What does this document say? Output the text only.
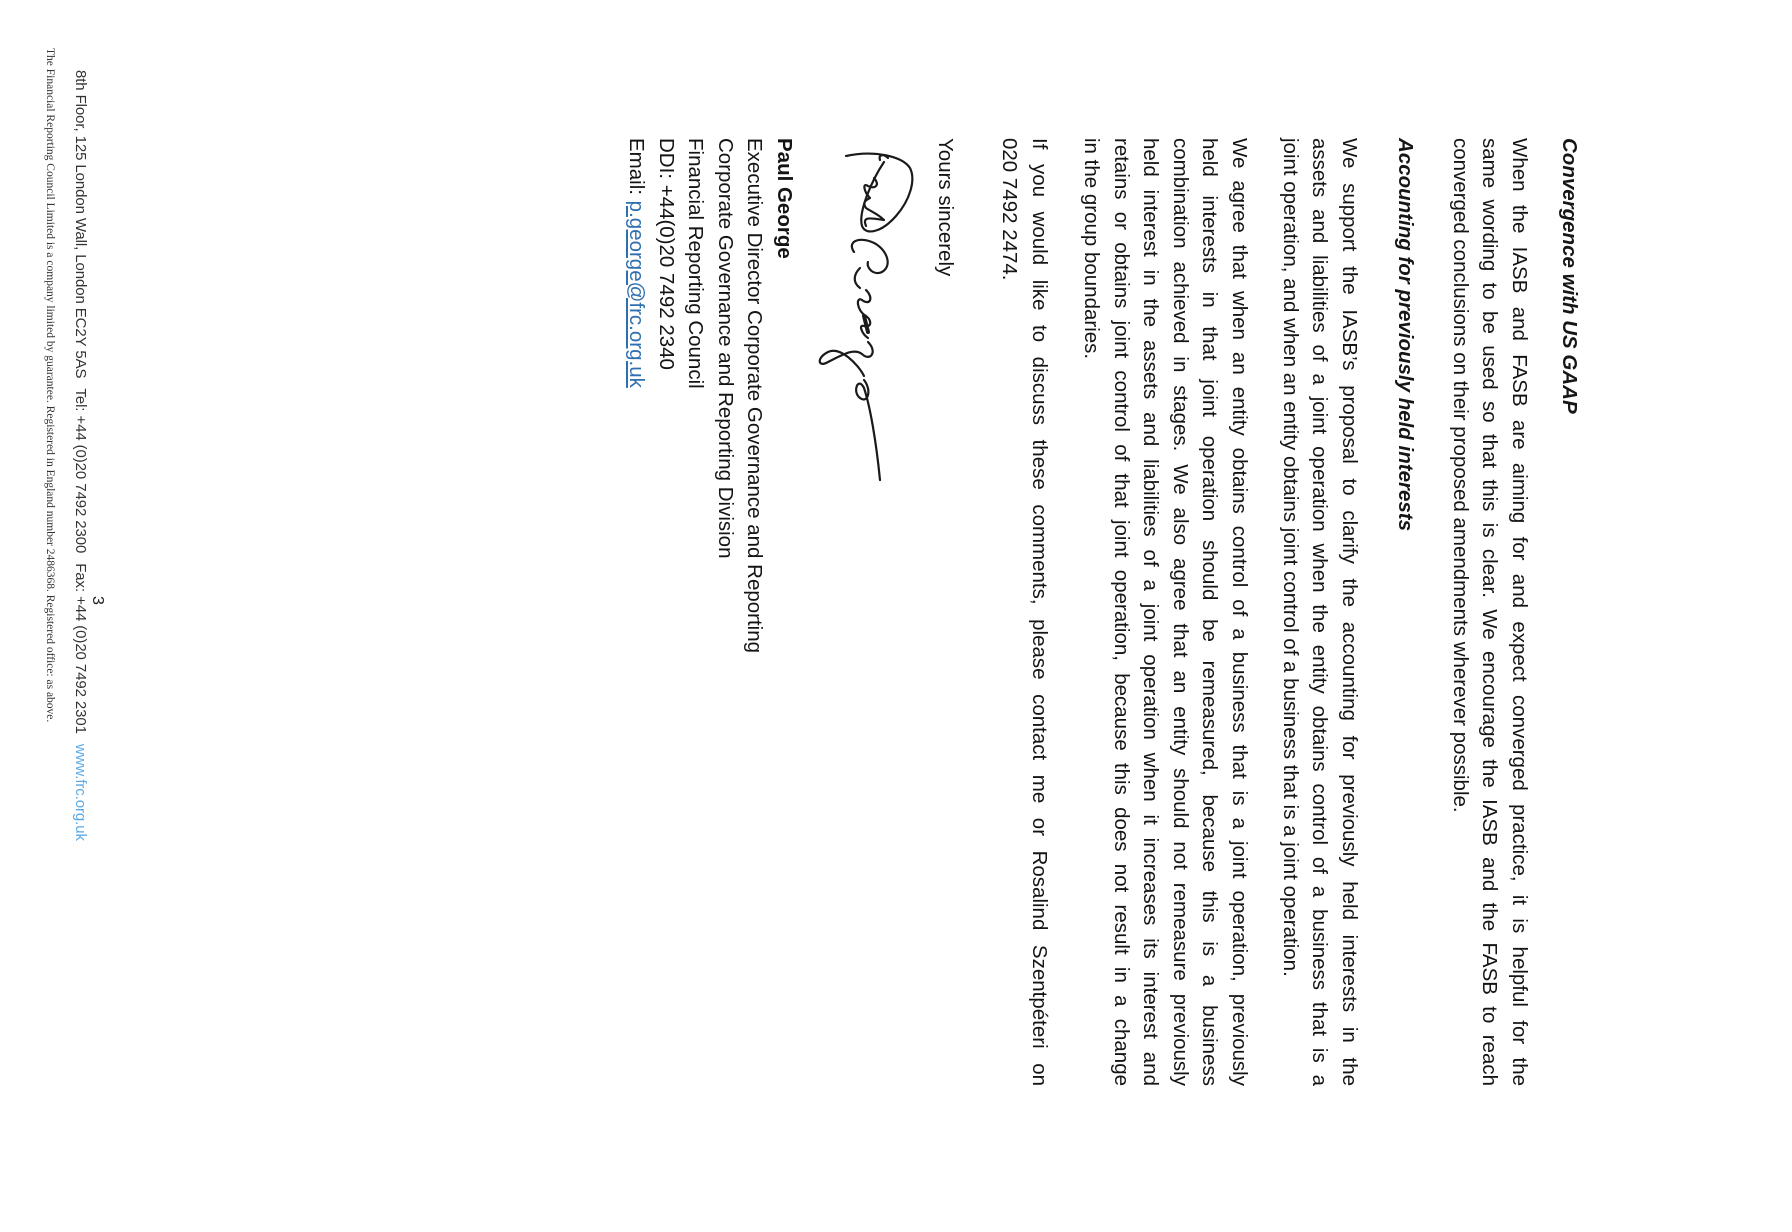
Convergence with US GAAP
When the IASB and FASB are aiming for and expect converged practice, it is helpful for the
same wording to be used so that this is clear. We encourage the IASB and the FASB to reach
converged conclusions on their proposed amendments wherever possible.
Accounting for previously held interests
We support the IASB’s proposal to clarify the accounting for previously held interests in the
assets and liabilities of a joint operation when the entity obtains control of a business that is a
joint operation, and when an entity obtains joint control of a business that is a joint operation.
We agree that when an entity obtains control of a business that is a joint operation, previously
held interests in that joint operation should be remeasured, because this is a business
combination achieved in stages. We also agree that an entity should not remeasure previously
held interest in the assets and liabilities of a joint operation when it increases its interest and
retains or obtains joint control of that joint operation, because this does not result in a change
in the group boundaries.
If you would like to discuss these comments, please contact me or Rosalind Szentpéteri on
020 7492 2474.
Yours sincerely
Paul George
Executive Director Corporate Governance and Reporting
Corporate Governance and Reporting Division
Financial Reporting Council
DDI: +44(0)20 7492 2340
Email: p.george@frc.org.uk
3
8th Floor, 125 London Wall, London EC2Y 5ASTel: +44 (0)20 7492 2300Fax: +44 (0)20 7492 2301www.frc.org.uk
The Financial Reporting Council Limited is a company limited by guarantee. Registered in England number 2486368. Registered office: as above.
